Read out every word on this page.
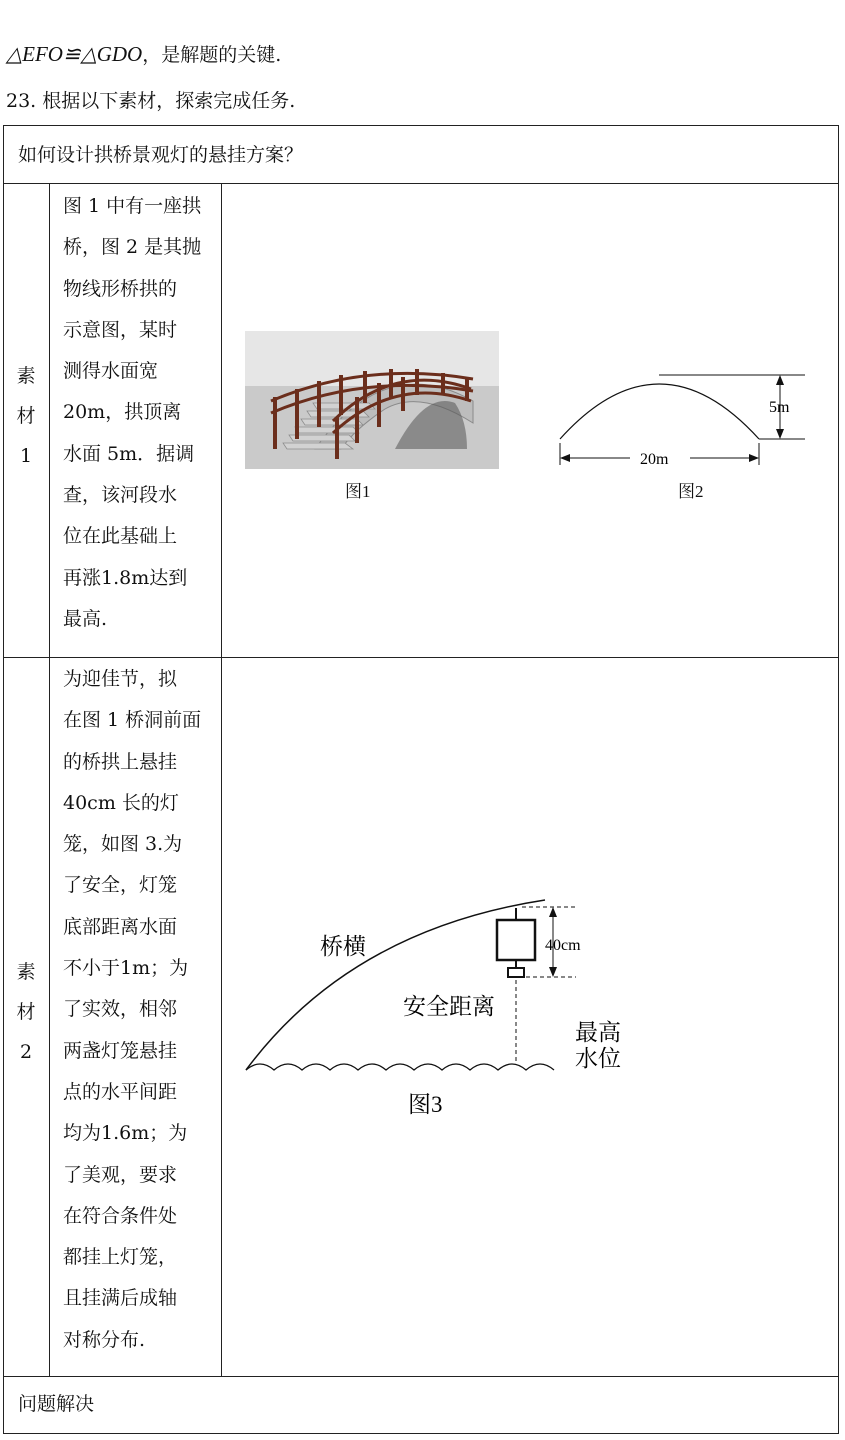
△EFO≌△GDO，是解题的关键.
23. 根据以下素材，探索完成任务.
如何设计拱桥景观灯的悬挂方案？
素
材
1
图 1 中有一座拱
桥，图 2 是其抛
物线形桥拱的
示意图，某时
测得水面宽
20m，拱顶离
水面 5m．据调
查，该河段水
位在此基础上
再涨1.8m达到
最高.
图1
5m
20m
图2
素
材
2
为迎佳节，拟
在图 1 桥洞前面
的桥拱上悬挂
40cm 长的灯
笼，如图 3.为
了安全，灯笼
底部距离水面
不小于1m；为
了实效，相邻
两盏灯笼悬挂
点的水平间距
均为1.6m；为
了美观，要求
在符合条件处
都挂上灯笼，
且挂满后成轴
对称分布.
桥横	40cm
安全距离
最高
水位
图3
问题解决
